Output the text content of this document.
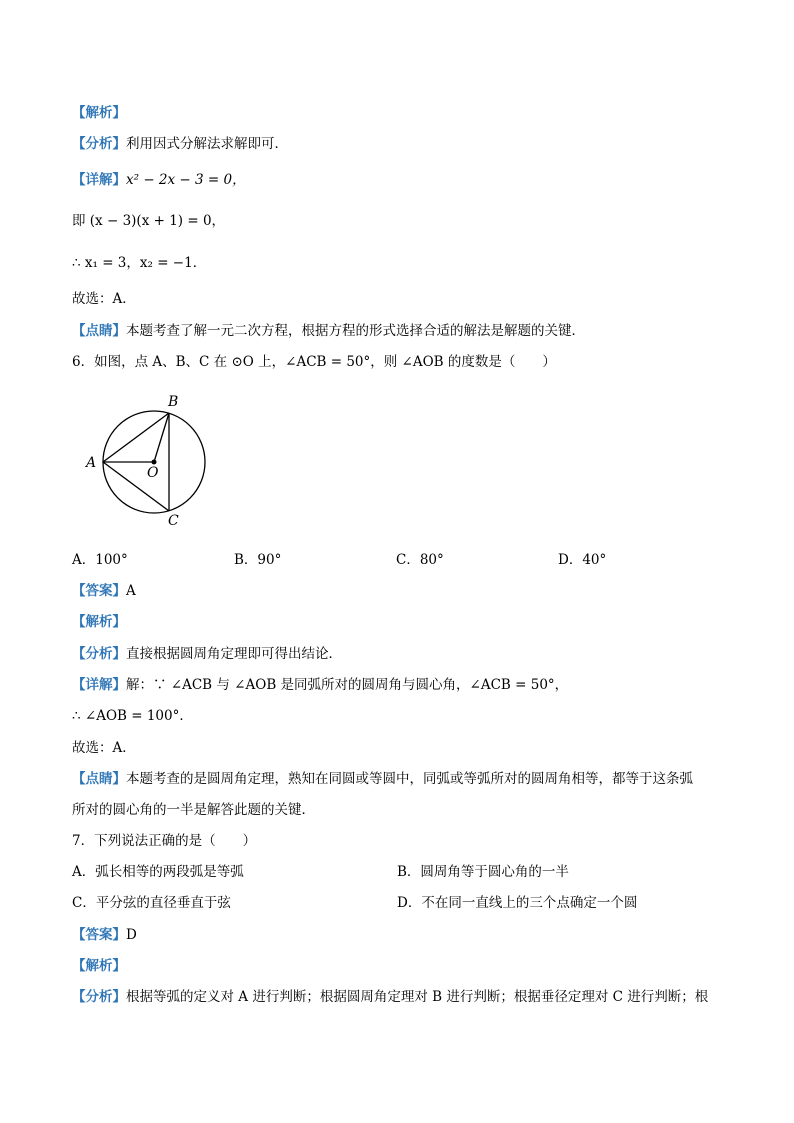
【解析】
【分析】利用因式分解法求解即可．
【详解】x² − 2x − 3 = 0，
即 (x − 3)(x + 1) = 0，
∴ x₁ = 3，x₂ = −1．
故选：A．
【点睛】本题考查了解一元二次方程，根据方程的形式选择合适的解法是解题的关键．
6．如图，点 A、B、C 在 ⊙O 上，∠ACB = 50°，则 ∠AOB 的度数是（　　）
A
B
C
O
A．100°	B．90°	C．80°	D．40°
【答案】A
【解析】
【分析】直接根据圆周角定理即可得出结论．
【详解】解：∵ ∠ACB 与 ∠AOB 是同弧所对的圆周角与圆心角，∠ACB = 50°，
∴ ∠AOB = 100°．
故选：A．
【点睛】本题考查的是圆周角定理，熟知在同圆或等圆中，同弧或等弧所对的圆周角相等，都等于这条弧
所对的圆心角的一半是解答此题的关键．
7．下列说法正确的是（　　）
A．弧长相等的两段弧是等弧	B．圆周角等于圆心角的一半
C．平分弦的直径垂直于弦	D．不在同一直线上的三个点确定一个圆
【答案】D
【解析】
【分析】根据等弧的定义对 A 进行判断；根据圆周角定理对 B 进行判断；根据垂径定理对 C 进行判断；根
